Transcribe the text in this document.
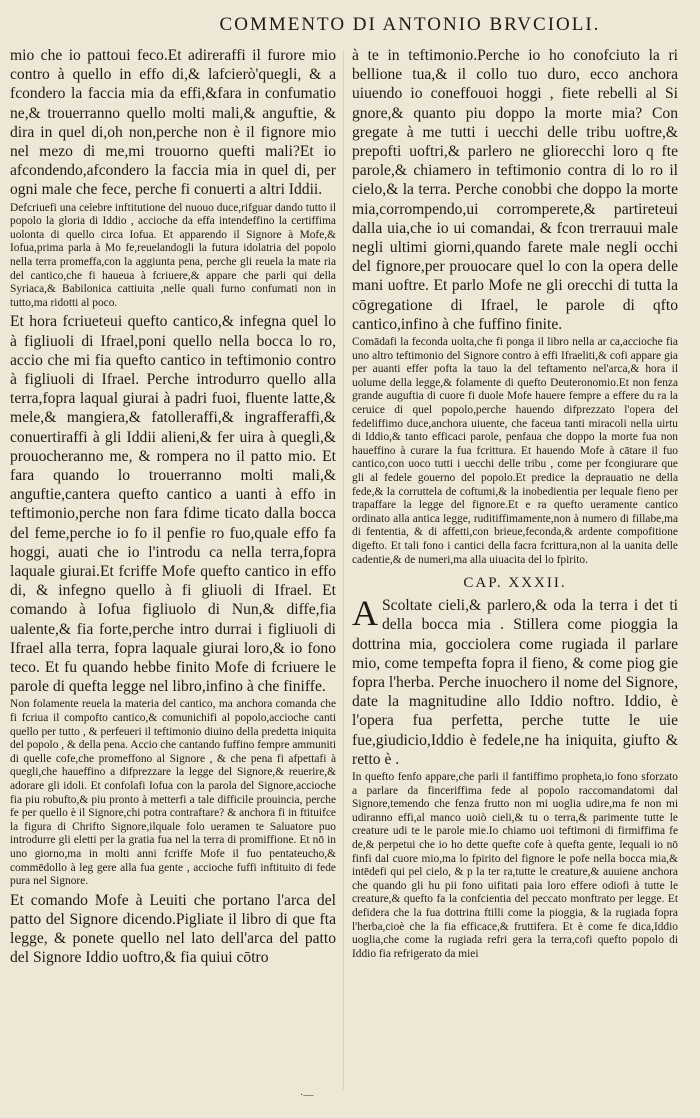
COMMENTO DI ANTONIO BRVCIOLI.

mio che io pattoui feco.Et adireraffi il furore mio contro à quello in effo di,& lafcierò'quegli, & a fcondero la faccia mia da effi,&fara in confumatio ne,& trouerranno quello molti mali,& anguftie, & dira in quel di,oh non,perche non è il fignore mio nel mezo di me,mi trouorno quefti mali?Et io afcondendo,afcondero la faccia mia in quel di, per ogni male che fece, perche fi conuerti a altri Iddii.

Defcriuefi una celebre inftitutione del nuouo duce,rifguar dando tutto il popolo la gloria di Iddio , accioche da effa intendeffino la certiffima uolonta di quello circa Iofua. Et apparendo il Signore à Mofe,& Iofua,prima parla à Mo fe,reuelandogli la futura idolatria del popolo nella terra promeffa,con la aggiunta pena, perche gli reuela la mate ria del cantico,che fi haueua à fcriuere,& appare che parli qui della Syriaca,& Babilonica cattiuita ,nelle quali furno confumati non in tutto,ma ridotti al poco.

Et hora fcriueteui quefto cantico,& infegna quel lo à figliuoli di Ifrael,poni quello nella bocca lo ro, accio che mi fia quefto cantico in teftimonio contro à figliuoli di Ifrael. Perche introdurro quello alla terra,fopra laqual giurai à padri fuoi, fluente latte,& mele,& mangiera,& fatolleraffi,& ingrafferaffi,& conuertiraffi à gli Iddii alieni,& fer uira à quegli,& prouocheranno me, & rompera no il patto mio. Et fara quando lo trouerranno molti mali,& anguftie,cantera quefto cantico a uanti à effo in teftimonio,perche non fara fdime ticato dalla bocca del feme,perche io fo il penfie ro fuo,quale effo fa hoggi, auati che io l'introdu ca nella terra,fopra laquale giurai.Et fcriffe Mofe quefto cantico in effo di, & infegno quello à fi gliuoli di Ifrael. Et comando à Iofua figliuolo di Nun,& diffe,fia ualente,& fia forte,perche intro durrai i figliuoli di Ifrael alla terra, fopra laquale giurai loro,& io fono teco. Et fu quando hebbe finito Mofe di fcriuere le parole di quefta legge nel libro,infino à che finiffe.

Non folamente reuela la materia del cantico, ma anchora comanda che fi fcriua il compofto cantico,& comunichifi al popolo,accioche canti quello per tutto , & perfeueri il teftimonio diuino della predetta iniquita del popolo , & della pena. Accio che cantando fuffino fempre ammuniti di quelle cofe,che promeffono al Signore , & che pena fi afpettafi à quegli,che haueffino a difprezzare la legge del Signore,& reuerire,& adorare gli idoli. Et confolafi Iofua con la parola del Signore,accioche fia piu robufto,& piu pronto à metterfi a tale difficile prouincia, perche fe per quello è il Signore,chi potra contraftare? & anchora fi in ftituifce la figura di Chrifto Signore,ilquale folo ueramen te Saluatore puo introdurre gli eletti per la gratia fua nel la terra di promiffione. Et nō in uno giorno,ma in molti anni fcriffe Mofe il fuo pentateucho,& commēdollo à leg gere alla fua gente , accioche fuffi inftituito di fede pura nel Signore.

Et comando Mofe à Leuiti che portano l'arca del patto del Signore dicendo.Pigliate il libro di que fta legge, & ponete quello nel lato dell'arca del patto del Signore Iddio uoftro,& fia quiui cōtro

à te in teftimonio.Perche io ho conofciuto la ri bellione tua,& il collo tuo duro, ecco anchora uiuendo io coneffouoi hoggi , fiete rebelli al Si gnore,& quanto piu doppo la morte mia? Con gregate à me tutti i uecchi delle tribu uoftre,& prepofti uoftri,& parlero ne gliorecchi loro q fte parole,& chiamero in teftimonio contra di lo ro il cielo,& la terra. Perche conobbi che doppo la morte mia,corrompendo,ui corromperete,& partireteui dalla uia,che io ui comandai, & fcon trerrauui male negli ultimi giorni,quando farete male negli occhi del fignore,per prouocare quel lo con la opera delle mani uoftre. Et parlo Mofe ne gli orecchi di tutta la cōgregatione di Ifrael, le parole di qfto cantico,infino à che fuffino finite.

Comādafi la feconda uolta,che fi ponga il libro nella ar ca,accioche fia uno altro teftimonio del Signore contro à effi Ifraeliti,& cofi appare gia per auanti effer pofta la tauo la del teftamento nel'arca,& hora il uolume della legge,& folamente di quefto Deuteronomio.Et non fenza grande auguftia di cuore fi duole Mofe hauere fempre a effere du ra la ceruice di quel popolo,perche hauendo difprezzato l'opera del fedeliffimo duce,anchora uiuente, che faceua tanti miracoli nella uirtu di Iddio,& tanto efficaci parole, penfaua che doppo la morte fua non haueffino à curare la fua fcrittura. Et hauendo Mofe à cātare il fuo cantico,con uoco tutti i uecchi delle tribu , come per fcongiurare que gli al fedele gouerno del popolo.Et predice la deprauatio ne della fede,& la corruttela de coftumi,& la inobedientia per lequale fieno per trapaffare la legge del fignore.Et e ra quefto ueramente cantico ordinato alla antica legge, ruditiffimamente,non à numero di fillabe,ma di fententia, & di affetti,con brieue,feconda,& ardente compofitione digefto. Et tali fono i cantici della facra fcrittura,non al la uanita delle cadentie,& de numeri,ma alla uiuacita del lo fpirito.

CAP. XXXII.

A Scoltate cieli,& parlero,& oda la terra i det ti della bocca mia . Stillera come pioggia la dottrina mia, gocciolera come rugiada il parlare mio, come tempefta fopra il fieno, & come piog gie fopra l'herba. Perche inuochero il nome del Signore, date la magnitudine allo Iddio noftro. Iddio, è l'opera fua perfetta, perche tutte le uie fue,giudicio,Iddio è fedele,ne ha iniquita, giufto & retto è .

In quefto fenfo appare,che parli il fantiffimo propheta,io fono sforzato a parlare da finceriffima fede al popolo raccomandatomi dal Signore,temendo che fenza frutto non mi uoglia udire,ma fe non mi udiranno effi,al manco uoiò cieli,& tu o terra,& parimente tutte le creature udi te le parole mie.Io chiamo uoi teftimoni di firmiffima fe de,& perpetui che io ho dette quefte cofe à quefta gente, lequali io nō finfi dal cuore mio,ma lo fpirito del fignore le pofe nella bocca mia,& intēdefi qui pel cielo, & p la ter ra,tutte le creature,& auuiene anchora che quando gli hu pii fono uifitati paia loro effere odiofi à tutte le creature,& quefto fa la confcientia del peccato monftrato per legge. Et defidera che la fua dottrina ftilli come la pioggia, & la rugiada fopra l'herba,cioè che la fia efficace,& fruttifera. Et è come fe dica,Iddio uoglia,che come la rugiada refri gera la terra,cofi quefto popolo di Iddio fia refrigerato da miei

·—
